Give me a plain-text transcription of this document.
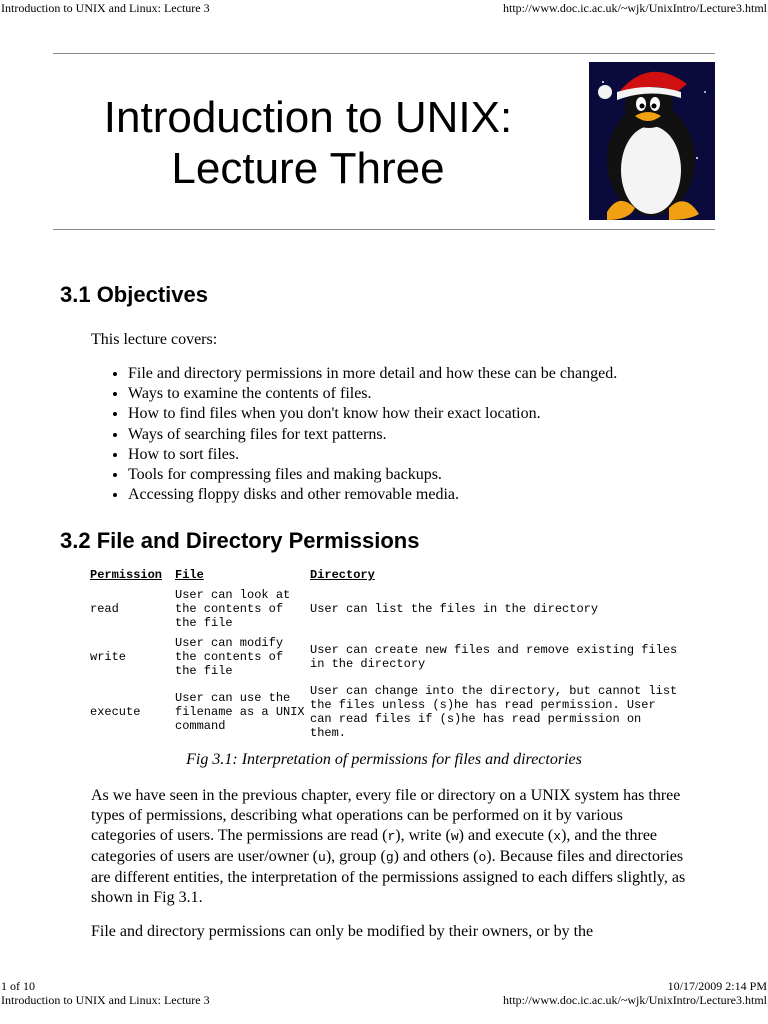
Introduction to UNIX and Linux: Lecture 3	http://www.doc.ic.ac.uk/~wjk/UnixIntro/Lecture3.html
Introduction to UNIX:
Lecture Three
3.1 Objectives

This lecture covers:

• File and directory permissions in more detail and how these can be changed.
• Ways to examine the contents of files.
• How to find files when you don't know how their exact location.
• Ways of searching files for text patterns.
• How to sort files.
• Tools for compressing files and making backups.
• Accessing floppy disks and other removable media.
3.2 File and Directory Permissions
Permission	File	Directory
read	User can look at the contents of the file	User can list the files in the directory
write	User can modify the contents of the file	User can create new files and remove existing files in the directory
execute	User can use the filename as a UNIX command	User can change into the directory, but cannot list the files unless (s)he has read permission. User can read files if (s)he has read permission on them.
Fig 3.1: Interpretation of permissions for files and directories

As we have seen in the previous chapter, every file or directory on a UNIX system has three types of permissions, describing what operations can be performed on it by various categories of users. The permissions are read (r), write (w) and execute (x), and the three categories of users are user/owner (u), group (g) and others (o). Because files and directories are different entities, the interpretation of the permissions assigned to each differs slightly, as shown in Fig 3.1.

File and directory permissions can only be modified by their owners, or by the

1 of 10	10/17/2009 2:14 PM
Introduction to UNIX and Linux: Lecture 3	http://www.doc.ic.ac.uk/~wjk/UnixIntro/Lecture3.html
